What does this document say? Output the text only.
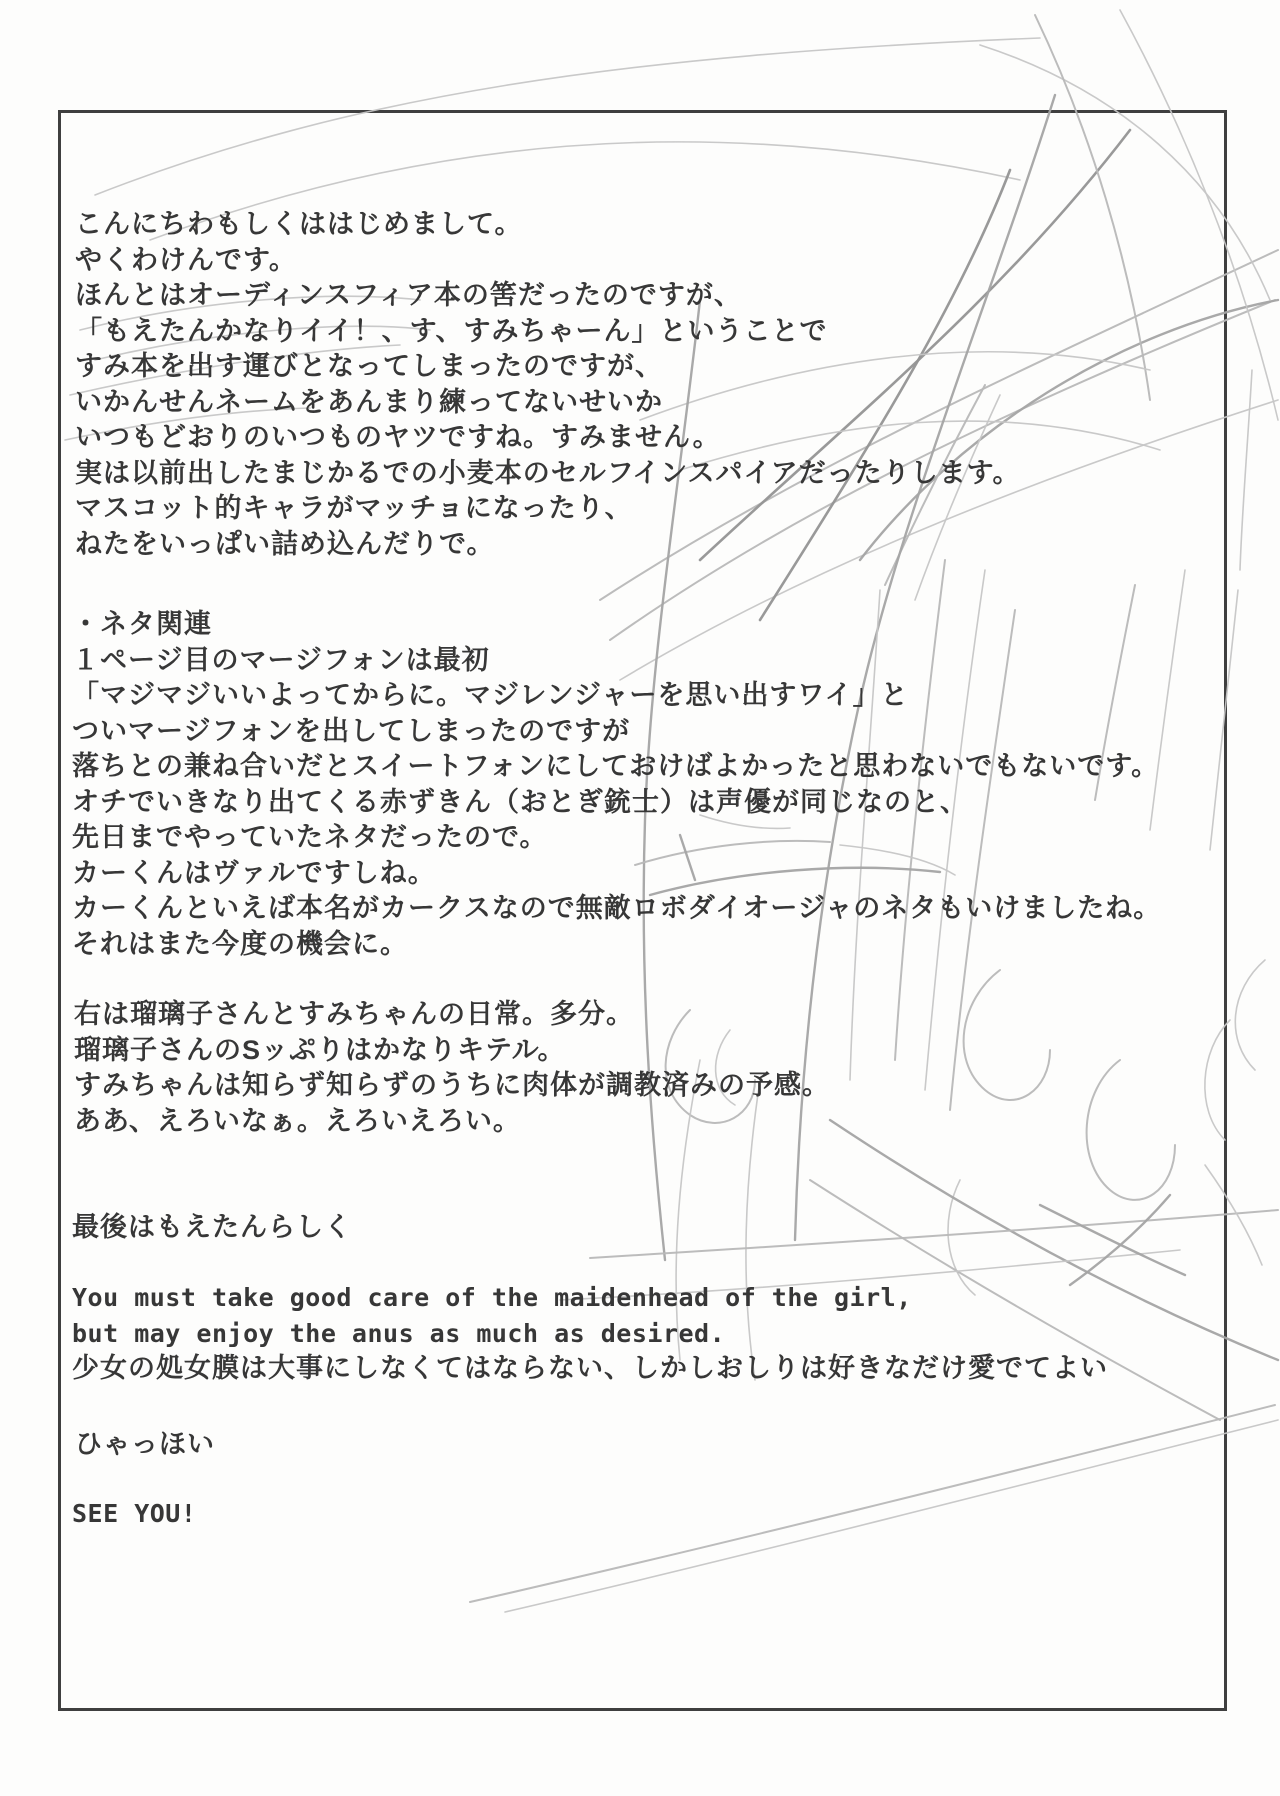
こんにちわもしくははじめまして。
やくわけんです。
ほんとはオーディンスフィア本の筈だったのですが、
「もえたんかなりイイ！、す、すみちゃーん」ということで
すみ本を出す運びとなってしまったのですが、
いかんせんネームをあんまり練ってないせいか
いつもどおりのいつものヤツですね。すみません。
実は以前出したまじかるでの小麦本のセルフインスパイアだったりします。
マスコット的キャラがマッチョになったり、
ねたをいっぱい詰め込んだりで。
・ネタ関連
１ページ目のマージフォンは最初
「マジマジいいよってからに。マジレンジャーを思い出すワイ」と
ついマージフォンを出してしまったのですが
落ちとの兼ね合いだとスイートフォンにしておけばよかったと思わないでもないです。
オチでいきなり出てくる赤ずきん（おとぎ銃士）は声優が同じなのと、
先日までやっていたネタだったので。
カーくんはヴァルですしね。
カーくんといえば本名がカークスなので無敵ロボダイオージャのネタもいけましたね。
それはまた今度の機会に。
右は瑠璃子さんとすみちゃんの日常。多分。
瑠璃子さんのSッぷりはかなりキテル。
すみちゃんは知らず知らずのうちに肉体が調教済みの予感。
ああ、えろいなぁ。えろいえろい。
最後はもえたんらしく
You must take good care of the maidenhead of the girl,
but may enjoy the anus as much as desired.
少女の処女膜は大事にしなくてはならない、しかしおしりは好きなだけ愛でてよい
ひゃっほい
SEE YOU!
